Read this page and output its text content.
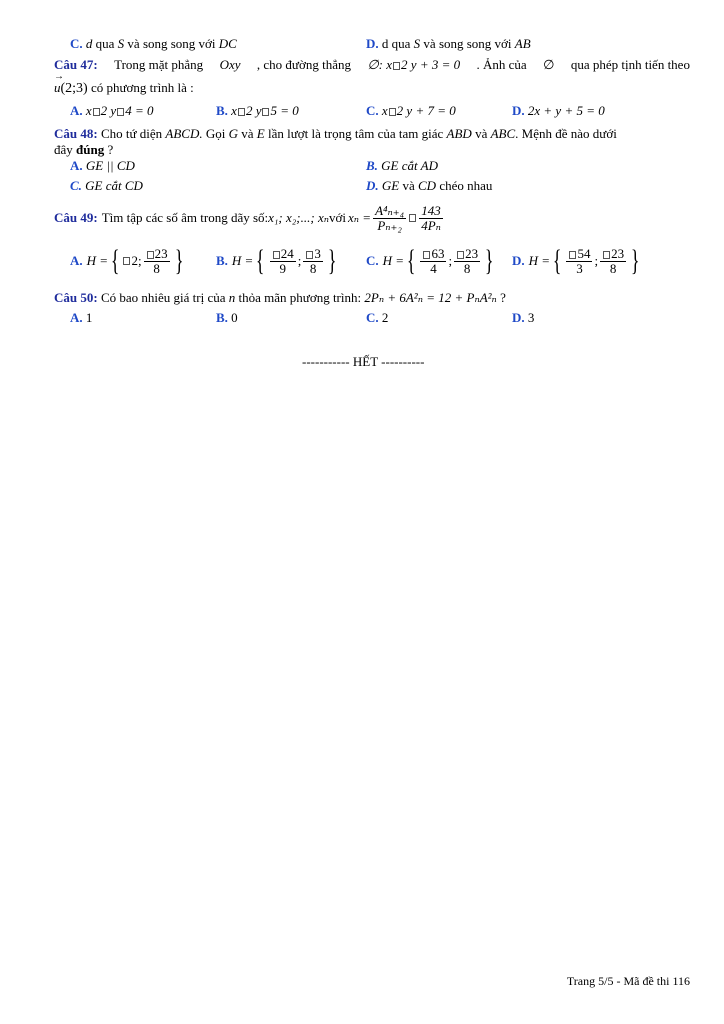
C. d qua S và song song với DC	D. d qua S và song song với AB
Câu 47: Trong mặt phẳng Oxy , cho đường thẳng ∅: x 2 y + 3 = 0 . Ảnh của ∅ qua phép tịnh tiến theo
→
u(2;3) có phương trình là :
A. x 2 y 4 = 0	B. x 2 y 5 = 0	C. x 2 y + 7 = 0	D. 2x + y + 5 = 0
Câu 48: Cho tứ diện ABCD. Gọi G và E lần lượt là trọng tâm của tam giác ABD và ABC. Mệnh đề nào dưới
đây đúng ?
A. GE || CD	B. GE cắt AD
C. GE cắt CD	D. GE và CD chéo nhau
Câu 49: Tìm tập các số âm trong dãy số: x₁; x₂;...; xₙ với $x_n = \frac{\text{A⁴ₙ₊₄}}{\text{Pₙ₊₂}} \frac{143}{\text{4Pₙ}}$
A. H = { 2; $\frac{23}{8}$ }	B. H = { $\frac{24}{9}$ ; $\frac{3}{8}$ } C. H = { $\frac{63}{4}$ ; $\frac{23}{8}$ } D. H = { $\frac{54}{3}$ ; $\frac{23}{8}$ }
Câu 50: Có bao nhiêu giá trị của n thỏa mãn phương trình: 2Pₙ + 6A²ₙ = 12 + PₙA²ₙ ?
A. 1	B. 0	C. 2	D. 3
----------- HẾT ----------
Trang 5/5 - Mã đề thi 116
